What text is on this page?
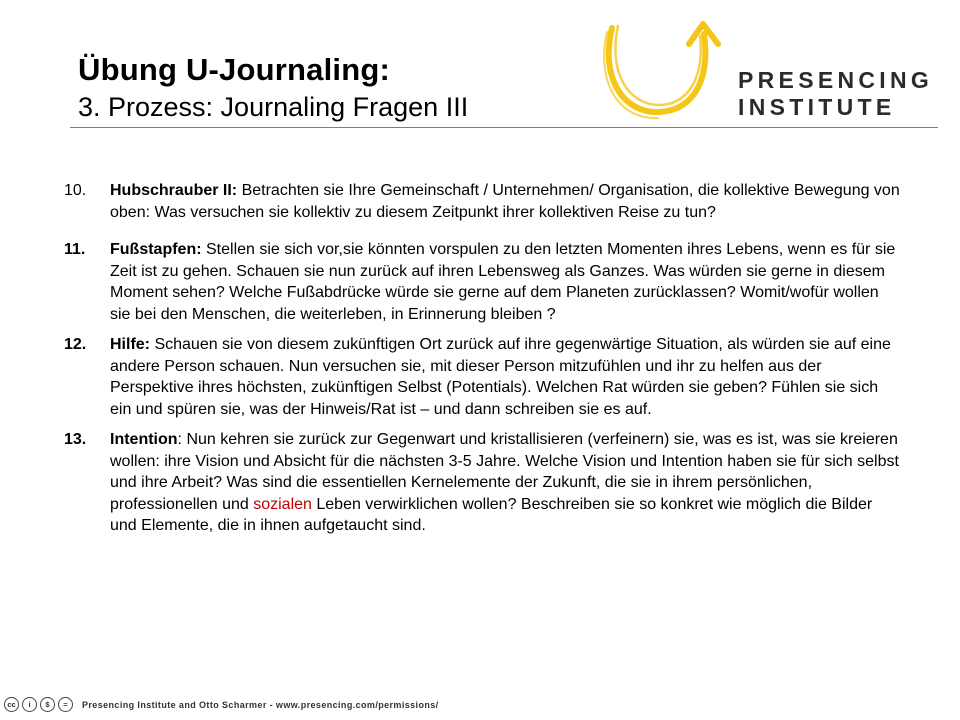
Übung U-Journaling:
3. Prozess: Journaling Fragen III
PRESENCING
INSTITUTE
10.	Hubschrauber II: Betrachten sie Ihre Gemeinschaft / Unternehmen/ Organisation, die kollektive Bewegung von oben: Was versuchen sie kollektiv zu diesem Zeitpunkt ihrer kollektiven Reise zu tun?
11.	Fußstapfen: Stellen sie sich vor,sie könnten vorspulen zu den letzten Momenten ihres Lebens, wenn es für sie Zeit ist zu gehen. Schauen sie nun zurück auf ihren Lebensweg als Ganzes. Was würden sie gerne in diesem Moment sehen? Welche Fußabdrücke würde sie gerne auf dem Planeten zurücklassen? Womit/wofür wollen sie bei den Menschen, die weiterleben, in Erinnerung bleiben ?
12.	Hilfe: Schauen sie von diesem zukünftigen Ort zurück auf ihre gegenwärtige Situation, als würden sie auf eine andere Person schauen. Nun versuchen sie, mit dieser Person mitzufühlen und ihr zu helfen aus der Perspektive ihres höchsten, zukünftigen Selbst (Potentials). Welchen Rat würden sie geben? Fühlen sie sich ein und spüren sie, was der Hinweis/Rat ist – und dann schreiben sie es auf.
13.	Intention: Nun kehren sie zurück zur Gegenwart und kristallisieren (verfeinern) sie, was es ist, was sie kreieren wollen: ihre Vision und Absicht für die nächsten 3-5 Jahre. Welche Vision und Intention haben sie für sich selbst und ihre Arbeit? Was sind die essentiellen Kernelemente der Zukunft, die sie in ihrem persönlichen, professionellen und sozialen Leben verwirklichen wollen? Beschreiben sie so konkret wie möglich die Bilder und Elemente, die in ihnen aufgetaucht sind.
cc	i	$	=	Presencing Institute and Otto Scharmer - www.presencing.com/permissions/
